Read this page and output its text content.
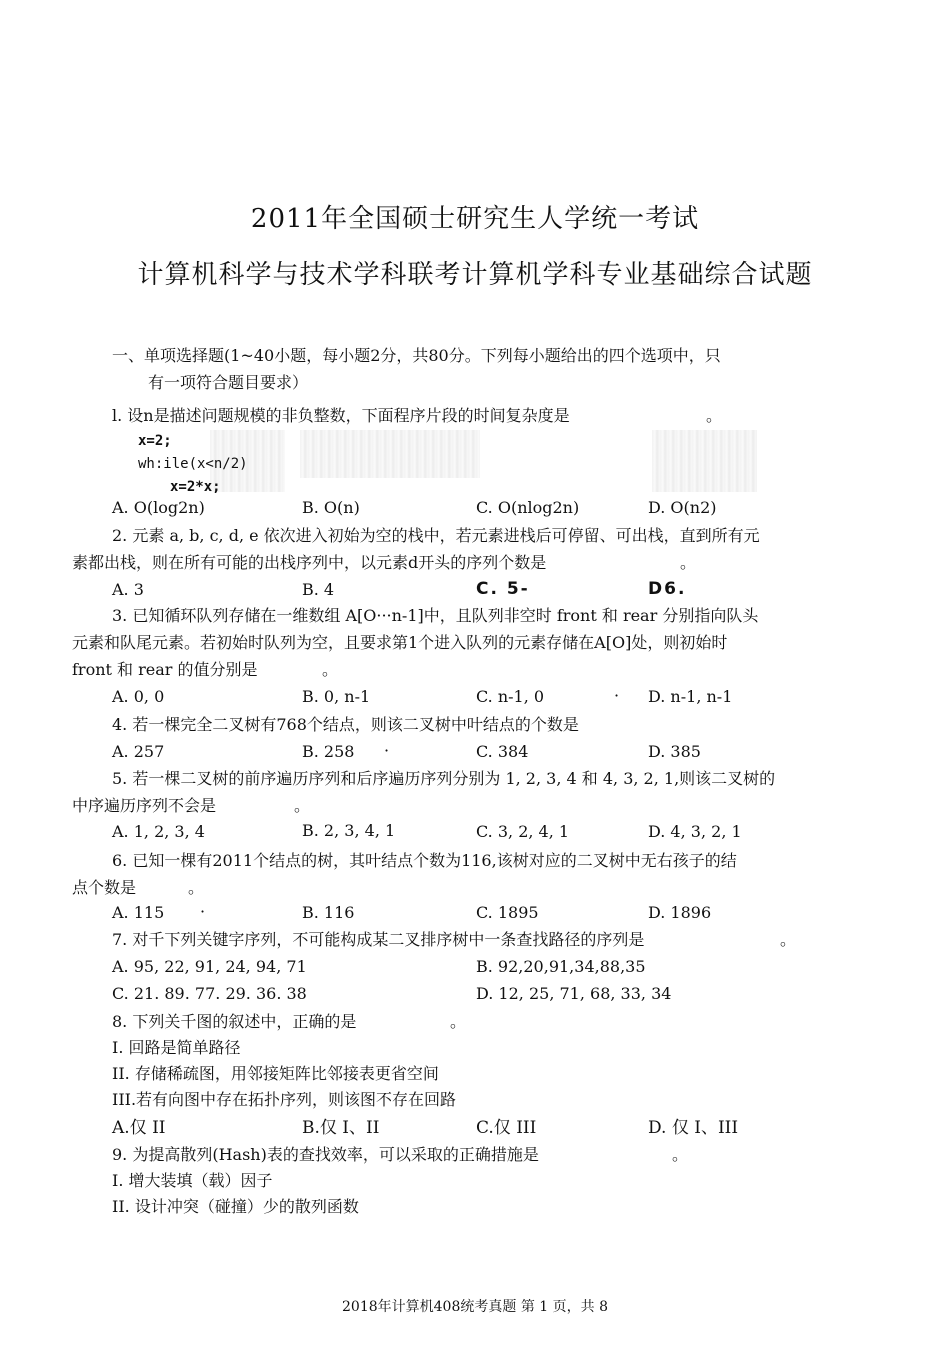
2011年全国硕士研究生人学统一考试
计算机科学与技术学科联考计算机学科专业基础综合试题
一、单项选择题(1~40小题，每小题2分，共80分。下列每小题给出的四个选项中，只
有一项符合题目要求）
l. 设n是描述问题规模的非负整数，下面程序片段的时间复杂度是	。
x=2;
wh:ile(x<n/2)
x=2*x;
A. O(log2n)	B. O(n)	C. O(nlog2n)	D. O(n2)
2. 元素 a, b, c, d, e 依次进入初始为空的栈中，若元素进栈后可停留、可出栈，直到所有元
素都出栈，则在所有可能的出栈序列中，以元素d开头的序列个数是	。
A. 3	B. 4	C. 5-	D6.
3. 已知循环队列存储在一维数组 A[O···n-1]中，且队列非空时 front 和 rear 分别指向队头
元素和队尾元素。若初始时队列为空，且要求第1个进入队列的元素存储在A[O]处，则初始时
front 和 rear 的值分别是	。
A. 0, 0	B. 0, n-1	C. n-1, 0	· D. n-1, n-1
4. 若一棵完全二叉树有768个结点，则该二叉树中叶结点的个数是
A. 257	B. 258 ·	C. 384	D. 385
5. 若一棵二叉树的前序遍历序列和后序遍历序列分别为 1, 2, 3, 4 和 4, 3, 2, 1,则该二叉树的
中序遍历序列不会是	。
A. 1, 2, 3, 4	B. 2, 3, 4, 1	C. 3, 2, 4, 1	D. 4, 3, 2, 1
6. 已知一棵有2011个结点的树，其叶结点个数为116,该树对应的二叉树中无右孩子的结
点个数是	。
A. 115 ·	B. 116	C. 1895	D. 1896
7. 对千下列关键字序列，不可能构成某二叉排序树中一条查找路径的序列是	。
A. 95, 22, 91, 24, 94, 71	B. 92,20,91,34,88,35
C. 21. 89. 77. 29. 36. 38	D. 12, 25, 71, 68, 33, 34
8. 下列关千图的叙述中，正确的是	。
I. 回路是简单路径
II. 存储稀疏图，用邻接矩阵比邻接表更省空间
III.若有向图中存在拓扑序列，则该图不存在回路
A.仅 II	B.仅 I、II	C.仅 III	D. 仅 I、III
9. 为提高散列(Hash)表的查找效率，可以采取的正确措施是	。
I. 增大装填（载）因子
II. 设计冲突（碰撞）少的散列函数
2018年计算机408统考真题 第 1 页，共 8
